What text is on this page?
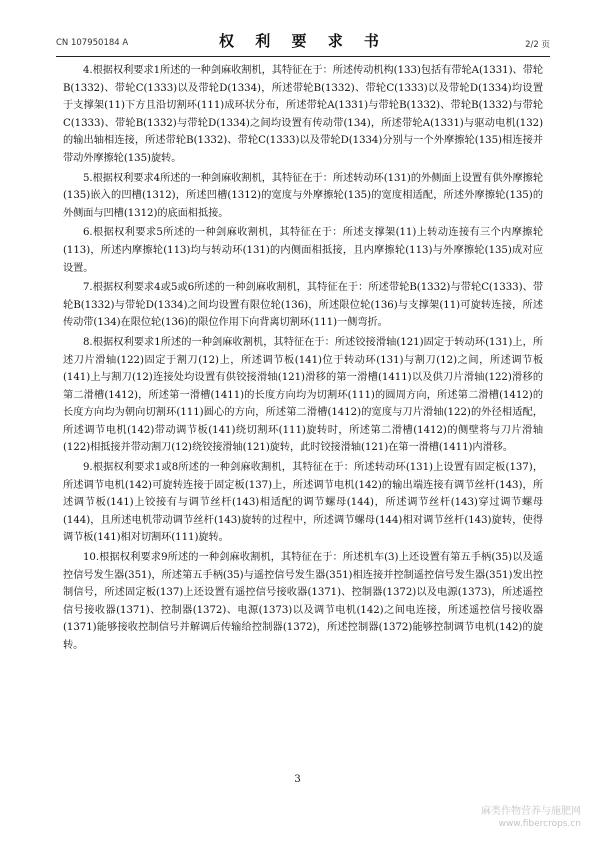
CN 107950184 A	权 利 要 求 书	2/2 页

4.根据权利要求1所述的一种剑麻收割机，其特征在于：所述传动机构(133)包括有带轮A(1331)、带轮B(1332)、带轮C(1333)以及带轮D(1334)，所述带轮B(1332)、带轮C(1333)以及带轮D(1334)均设置于支撑架(11)下方且沿切割环(111)成环状分布，所述带轮A(1331)与带轮B(1332)、带轮B(1332)与带轮C(1333)、带轮B(1332)与带轮D(1334)之间均设置有传动带(134)，所述带轮A(1331)与驱动电机(132)的输出轴相连接，所述带轮B(1332)、带轮C(1333)以及带轮D(1334)分别与一个外摩擦轮(135)相连接并带动外摩擦轮(135)旋转。

5.根据权利要求4所述的一种剑麻收割机，其特征在于：所述转动环(131)的外侧面上设置有供外摩擦轮(135)嵌入的凹槽(1312)，所述凹槽(1312)的宽度与外摩擦轮(135)的宽度相适配，所述外摩擦轮(135)的外侧面与凹槽(1312)的底面相抵接。

6.根据权利要求5所述的一种剑麻收割机，其特征在于：所述支撑架(11)上转动连接有三个内摩擦轮(113)，所述内摩擦轮(113)均与转动环(131)的内侧面相抵接，且内摩擦轮(113)与外摩擦轮(135)成对应设置。

7.根据权利要求4或5或6所述的一种剑麻收割机，其特征在于：所述带轮B(1332)与带轮C(1333)、带轮B(1332)与带轮D(1334)之间均设置有限位轮(136)，所述限位轮(136)与支撑架(11)可旋转连接，所述传动带(134)在限位轮(136)的限位作用下向背离切割环(111)一侧弯折。

8.根据权利要求1所述的一种剑麻收割机，其特征在于：所述铰接滑轴(121)固定于转动环(131)上，所述刀片滑轴(122)固定于割刀(12)上，所述调节板(141)位于转动环(131)与割刀(12)之间，所述调节板(141)上与割刀(12)连接处均设置有供铰接滑轴(121)滑移的第一滑槽(1411)以及供刀片滑轴(122)滑移的第二滑槽(1412)，所述第一滑槽(1411)的长度方向均为切割环(111)的圆周方向，所述第二滑槽(1412)的长度方向均为朝向切割环(111)圆心的方向，所述第二滑槽(1412)的宽度与刀片滑轴(122)的外径相适配，所述调节电机(142)带动调节板(141)绕切割环(111)旋转时，所述第二滑槽(1412)的侧壁将与刀片滑轴(122)相抵接并带动割刀(12)绕铰接滑轴(121)旋转，此时铰接滑轴(121)在第一滑槽(1411)内滑移。

9.根据权利要求1或8所述的一种剑麻收割机，其特征在于：所述转动环(131)上设置有固定板(137)，所述调节电机(142)可旋转连接于固定板(137)上，所述调节电机(142)的输出端连接有调节丝杆(143)，所述调节板(141)上铰接有与调节丝杆(143)相适配的调节螺母(144)，所述调节丝杆(143)穿过调节螺母(144)，且所述电机带动调节丝杆(143)旋转的过程中，所述调节螺母(144)相对调节丝杆(143)旋转，使得调节板(141)相对切割环(111)旋转。

10.根据权利要求9所述的一种剑麻收割机，其特征在于：所述机车(3)上还设置有第五手柄(35)以及遥控信号发生器(351)，所述第五手柄(35)与遥控信号发生器(351)相连接并控制遥控信号发生器(351)发出控制信号，所述固定板(137)上还设置有遥控信号接收器(1371)、控制器(1372)以及电源(1373)，所述遥控信号接收器(1371)、控制器(1372)、电源(1373)以及调节电机(142)之间电连接，所述遥控信号接收器(1371)能够接收控制信号并解调后传输给控制器(1372)，所述控制器(1372)能够控制调节电机(142)的旋转。

3
麻类作物营养与施肥网
www.fibercrops.cn
